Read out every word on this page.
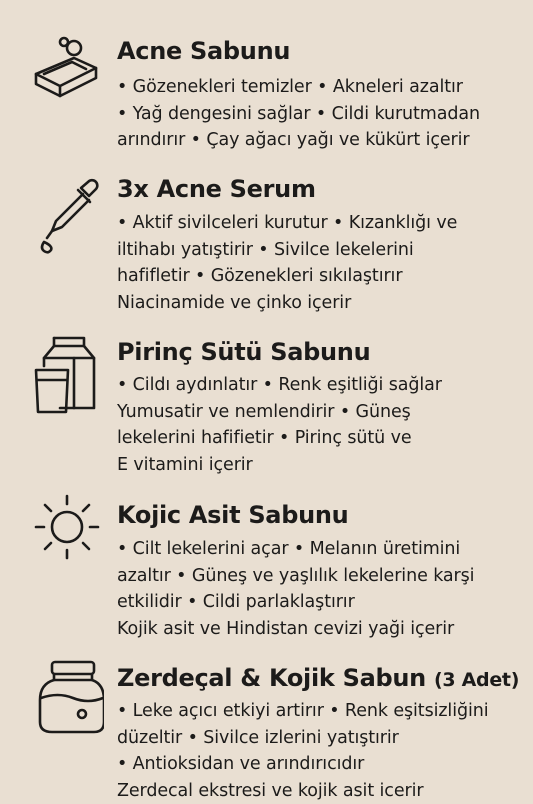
Acne Sabunu
• Gözenekleri temizler • Akneleri azaltır
• Yağ dengesini sağlar • Cildi kurutmadan
arındırır • Çay ağacı yağı ve kükürt içerir
3x Acne Serum
• Aktif sivilceleri kurutur • Kızanklığı ve
iltihabı yatıştirir • Sivilce lekelerini
hafifletir • Gözenekleri sıkılaştırır
Niacinamide ve çinko içerir
Pirinç Sütü Sabunu
• Cildı aydınlatır • Renk eşitliği sağlar
Yumusatir ve nemlendirir • Güneş
lekelerini hafifietir • Pirinç sütü ve
E vitamini içerir
Kojic Asit Sabunu
• Cilt lekelerini açar • Melanın üretimini
azaltır • Güneş ve yaşlılık lekelerine karşi
etkilidir • Cildi parlaklaştırır
Kojik asit ve Hindistan cevizi yaği içerir
Zerdeçal & Kojik Sabun (3 Adet)
• Leke açıcı etkiyi artirır • Renk eşitsizliğini
düzeltir • Sivilce izlerini yatıştırir
• Antioksidan ve arındırıcıdır
Zerdecal ekstresi ve kojik asit icerir
